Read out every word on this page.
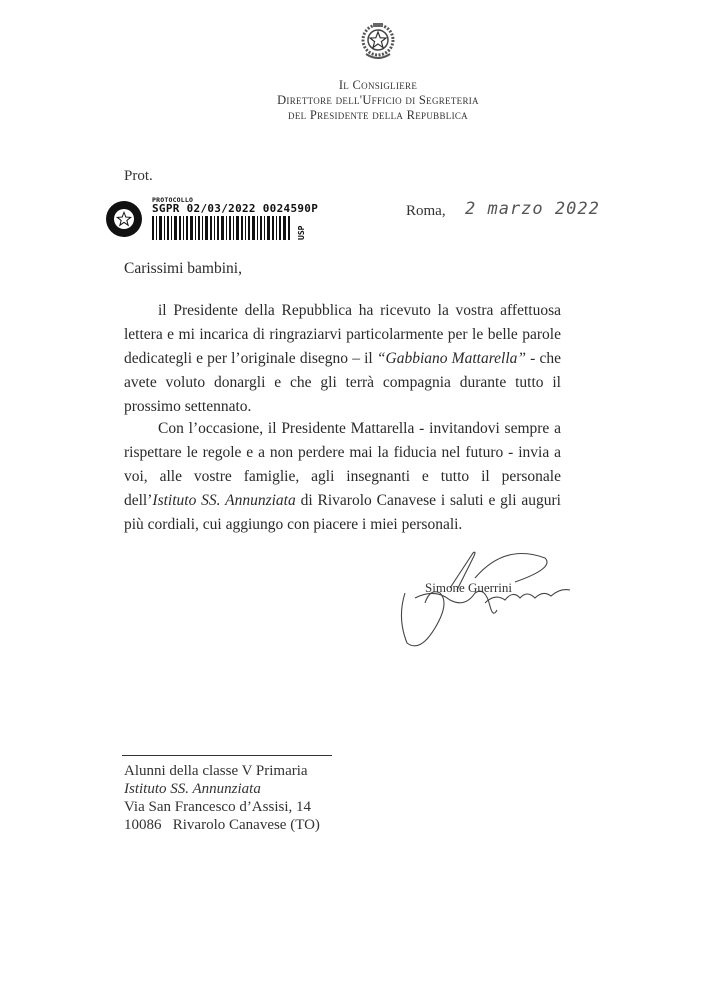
Il Consigliere
Direttore dell'Ufficio di Segreteria
del Presidente della Repubblica
Prot.
PROTOCOLLO
SGPR 02/03/2022 0024590P
USP
Roma, 2 marzo 2022
Carissimi bambini,
il Presidente della Repubblica ha ricevuto la vostra affettuosa lettera e mi incarica di ringraziarvi particolarmente per le belle parole dedicategli e per l’originale disegno – il “Gabbiano Mattarella” - che avete voluto donargli e che gli terrà compagnia durante tutto il prossimo settennato.
Con l’occasione, il Presidente Mattarella - invitandovi sempre a rispettare le regole e a non perdere mai la fiducia nel futuro - invia a voi, alle vostre famiglie, agli insegnanti e tutto il personale dell’Istituto SS. Annunziata di Rivarolo Canavese i saluti e gli auguri più cordiali, cui aggiungo con piacere i miei personali.
Simone Guerrini
Alunni della classe V Primaria
Istituto SS. Annunziata
Via San Francesco d’Assisi, 14
10086   Rivarolo Canavese (TO)
